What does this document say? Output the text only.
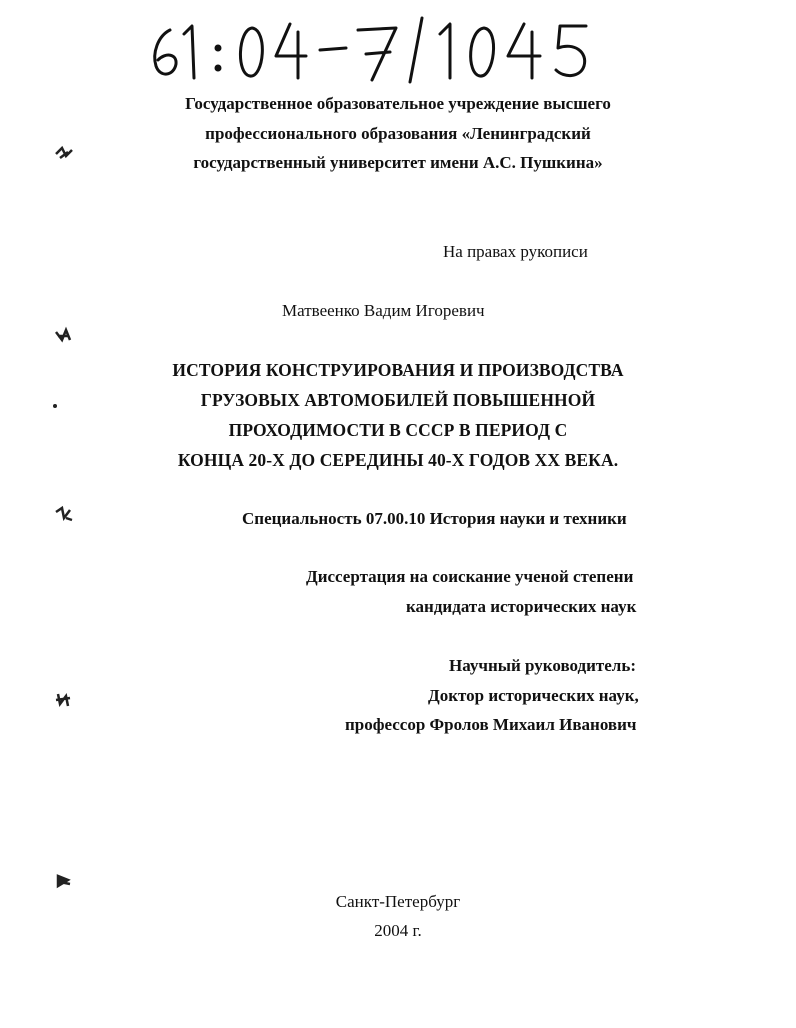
Государственное образовательное учреждение высшего
профессионального образования «Ленинградский
государственный университет имени А.С. Пушкина»
На правах рукописи
Матвеенко Вадим Игоревич
ИСТОРИЯ КОНСТРУИРОВАНИЯ И ПРОИЗВОДСТВА
ГРУЗОВЫХ АВТОМОБИЛЕЙ ПОВЫШЕННОЙ
ПРОХОДИМОСТИ В СССР В ПЕРИОД С
КОНЦА 20-Х ДО СЕРЕДИНЫ 40-Х ГОДОВ XX ВЕКА.
Специальность 07.00.10 История науки и техники
Диссертация на соискание ученой степени
кандидата исторических наук
Научный руководитель:
Доктор исторических наук,
профессор Фролов Михаил Иванович
Санкт-Петербург
2004 г.
